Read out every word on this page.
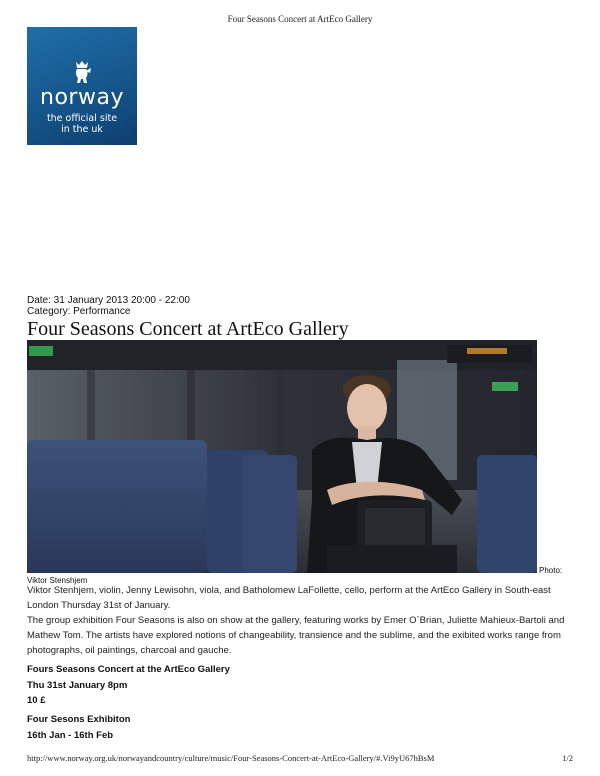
Four Seasons Concert at ArtEco Gallery
norway
the official site
in the uk
Date: 31 January 2013 20:00 - 22:00
Category: Performance
Four Seasons Concert at ArtEco Gallery
Photo:
Viktor Stenshjem

Viktor Stenhjem, violin, Jenny Lewisohn, viola, and Batholomew LaFollette, cello, perform at the ArtEco Gallery in South-east London Thursday 31st of January.

The group exhibition Four Seasons is also on show at the gallery, featuring works by Emer O`Brian, Juliette Mahieux-Bartoli and Mathew Tom. The artists have explored notions of changeability, transience and the sublime, and the exibited works range from photographs, oil paintings, charcoal and gauche.

Fours Seasons Concert at the ArtEco Gallery
Thu 31st January 8pm
10 £
Four Sesons Exhibiton
16th Jan - 16th Feb
http://www.norway.org.uk/norwayandcountry/culture/music/Four-Seasons-Concert-at-ArtEco-Gallery/#.Vi9yU67hBsM	1/2
